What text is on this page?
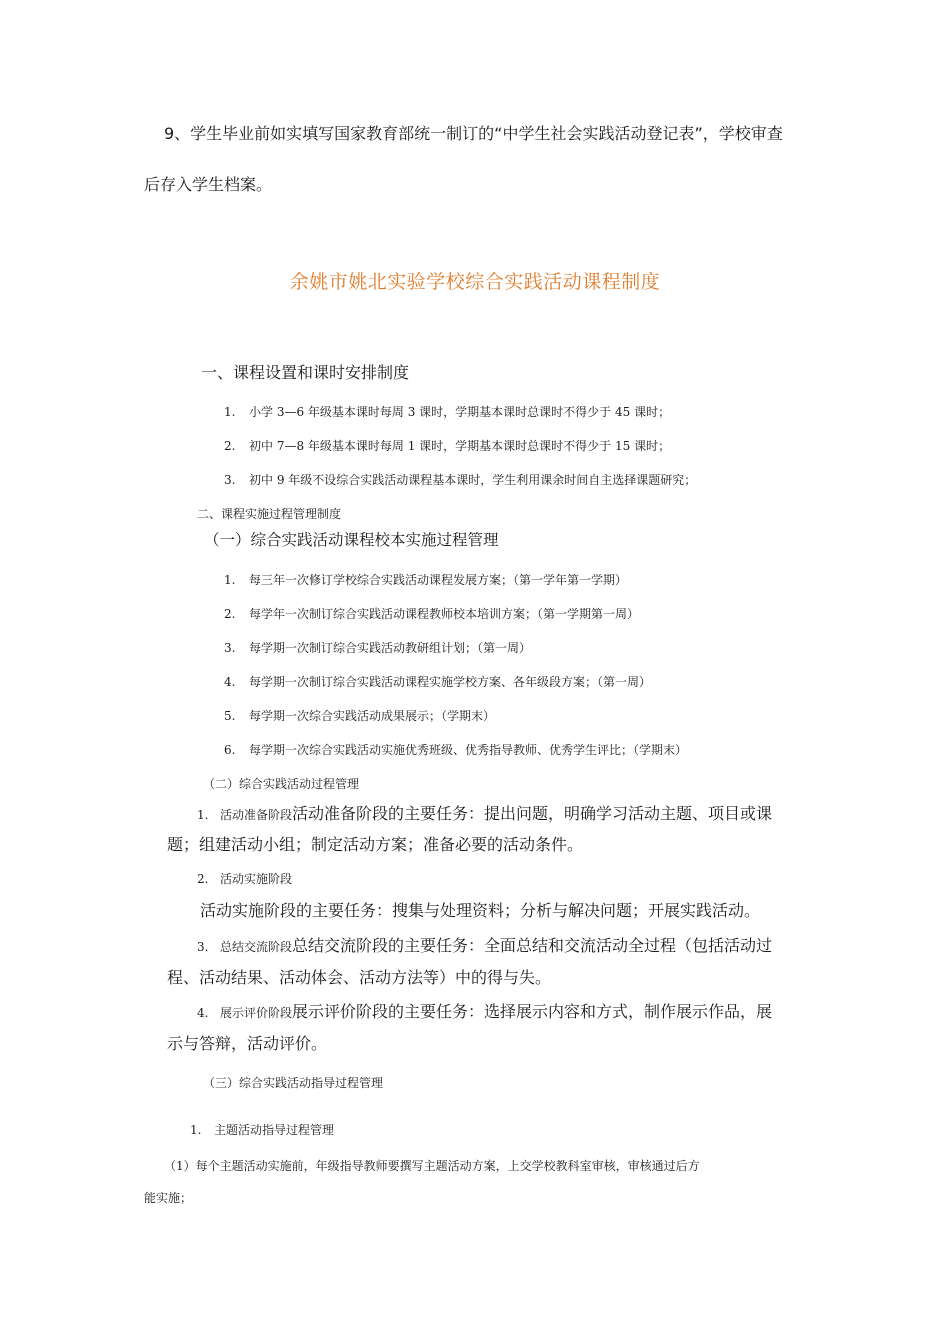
9、学生毕业前如实填写国家教育部统一制订的“中学生社会实践活动登记表”，学校审查
后存入学生档案。
余姚市姚北实验学校综合实践活动课程制度
一、课程设置和课时安排制度
1. 小学 3—6 年级基本课时每周 3 课时，学期基本课时总课时不得少于 45 课时；
2. 初中 7—8 年级基本课时每周 1 课时，学期基本课时总课时不得少于 15 课时；
3. 初中 9 年级不设综合实践活动课程基本课时，学生利用课余时间自主选择课题研究；
二、课程实施过程管理制度
（一）综合实践活动课程校本实施过程管理
1. 每三年一次修订学校综合实践活动课程发展方案；（第一学年第一学期）
2. 每学年一次制订综合实践活动课程教师校本培训方案；（第一学期第一周）
3. 每学期一次制订综合实践活动教研组计划；（第一周）
4. 每学期一次制订综合实践活动课程实施学校方案、各年级段方案；（第一周）
5. 每学期一次综合实践活动成果展示；（学期末）
6. 每学期一次综合实践活动实施优秀班级、优秀指导教师、优秀学生评比；（学期末）
（二）综合实践活动过程管理
1. 活动准备阶段活动准备阶段的主要任务：提出问题，明确学习活动主题、项目或课
题；组建活动小组；制定活动方案；准备必要的活动条件。
2. 活动实施阶段
活动实施阶段的主要任务：搜集与处理资料；分析与解决问题；开展实践活动。
3. 总结交流阶段总结交流阶段的主要任务：全面总结和交流活动全过程（包括活动过
程、活动结果、活动体会、活动方法等）中的得与失。
4. 展示评价阶段展示评价阶段的主要任务：选择展示内容和方式，制作展示作品，展
示与答辩，活动评价。
（三）综合实践活动指导过程管理
1. 主题活动指导过程管理
（1）每个主题活动实施前，年级指导教师要撰写主题活动方案，上交学校教科室审核，审核通过后方
能实施；
